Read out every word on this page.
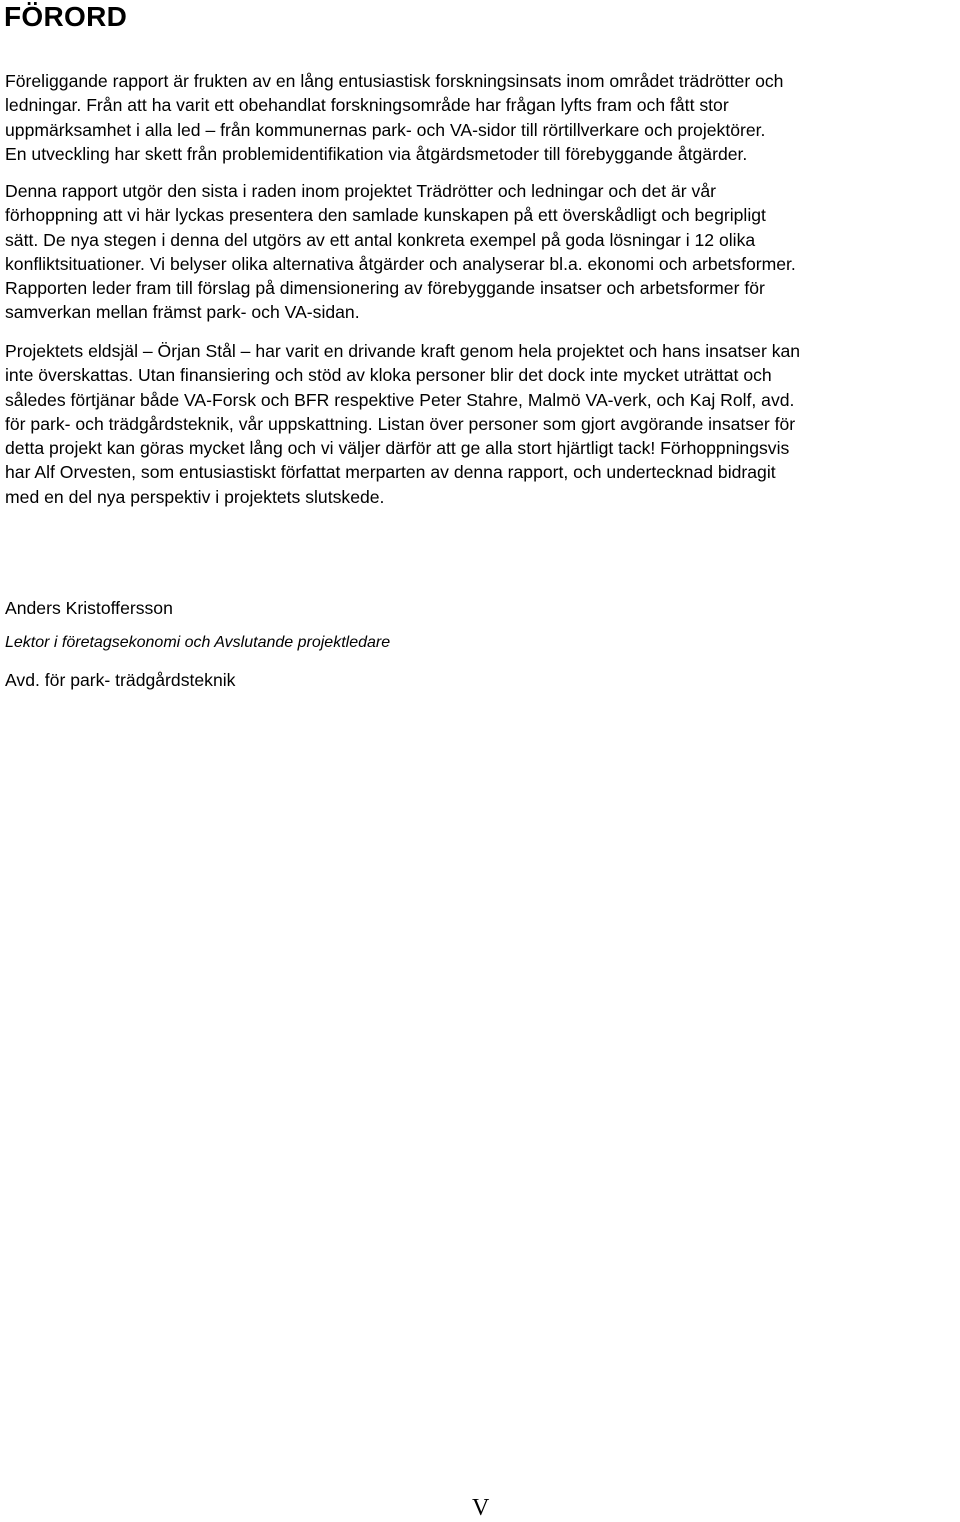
FÖRORD

Föreliggande rapport är frukten av en lång entusiastisk forskningsinsats inom området trädrötter och
ledningar. Från att ha varit ett obehandlat forskningsområde har frågan lyfts fram och fått stor
uppmärksamhet i alla led – från kommunernas park- och VA-sidor till rörtillverkare och projektörer.
En utveckling har skett från problemidentifikation via åtgärdsmetoder till förebyggande åtgärder.

Denna rapport utgör den sista i raden inom projektet Trädrötter och ledningar och det är vår
förhoppning att vi här lyckas presentera den samlade kunskapen på ett överskådligt och begripligt
sätt. De nya stegen i denna del utgörs av ett antal konkreta exempel på goda lösningar i 12 olika
konfliktsituationer. Vi belyser olika alternativa åtgärder och analyserar bl.a. ekonomi och arbetsformer.
Rapporten leder fram till förslag på dimensionering av förebyggande insatser och arbetsformer för
samverkan mellan främst park- och VA-sidan.

Projektets eldsjäl – Örjan Stål – har varit en drivande kraft genom hela projektet och hans insatser kan
inte överskattas. Utan finansiering och stöd av kloka personer blir det dock inte mycket uträttat och
således förtjänar både VA-Forsk och BFR respektive Peter Stahre, Malmö VA-verk, och Kaj Rolf, avd.
för park- och trädgårdsteknik, vår uppskattning. Listan över personer som gjort avgörande insatser för
detta projekt kan göras mycket lång och vi väljer därför att ge alla stort hjärtligt tack! Förhoppningsvis
har Alf Orvesten, som entusiastiskt författat merparten av denna rapport, och undertecknad bidragit
med en del nya perspektiv i projektets slutskede.

Anders Kristoffersson

Lektor i företagsekonomi och Avslutande projektledare

Avd. för park- trädgårdsteknik

V
